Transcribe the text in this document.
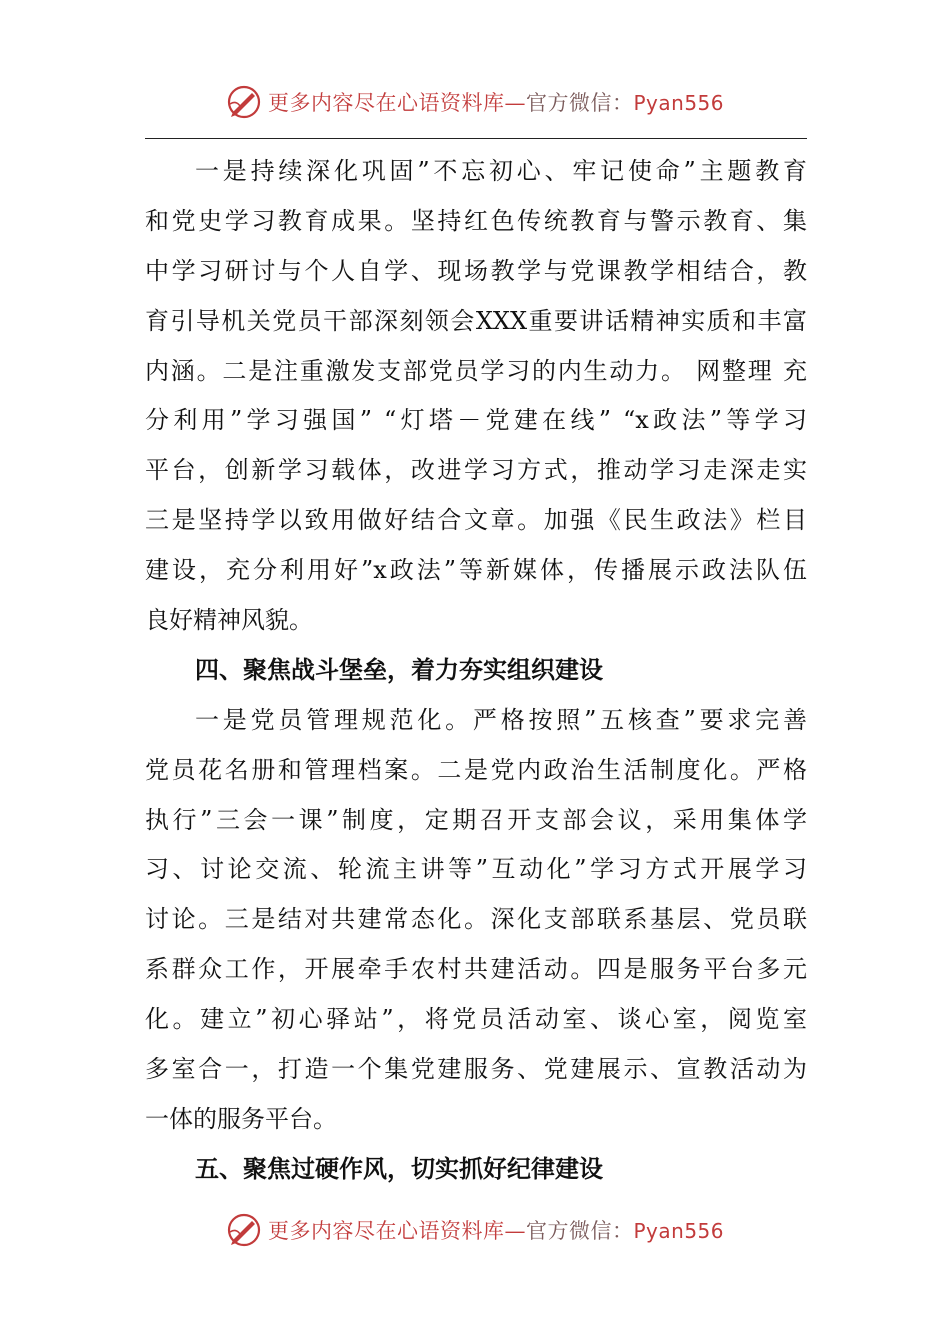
更多内容尽在心语资料库—官方微信：Pyan556
一是持续深化巩固”不忘初心、牢记使命”主题教育
和党史学习教育成果。坚持红色传统教育与警示教育、集
中学习研讨与个人自学、现场教学与党课教学相结合，教
育引导机关党员干部深刻领会XXX重要讲话精神实质和丰富
内涵。二是注重激发支部党员学习的内生动力。 网整理 充
分利用”学习强国” “灯塔－党建在线” “x政法”等学习
平台，创新学习载体，改进学习方式，推动学习走深走实
三是坚持学以致用做好结合文章。加强《民生政法》栏目
建设，充分利用好”x政法”等新媒体，传播展示政法队伍
良好精神风貌。
四、聚焦战斗堡垒，着力夯实组织建设
一是党员管理规范化。严格按照”五核查”要求完善
党员花名册和管理档案。二是党内政治生活制度化。严格
执行”三会一课”制度，定期召开支部会议，采用集体学
习、讨论交流、轮流主讲等”互动化”学习方式开展学习
讨论。三是结对共建常态化。深化支部联系基层、党员联
系群众工作，开展牵手农村共建活动。四是服务平台多元
化。建立”初心驿站”，将党员活动室、谈心室，阅览室
多室合一，打造一个集党建服务、党建展示、宣教活动为
一体的服务平台。
五、聚焦过硬作风，切实抓好纪律建设
更多内容尽在心语资料库—官方微信：Pyan556
